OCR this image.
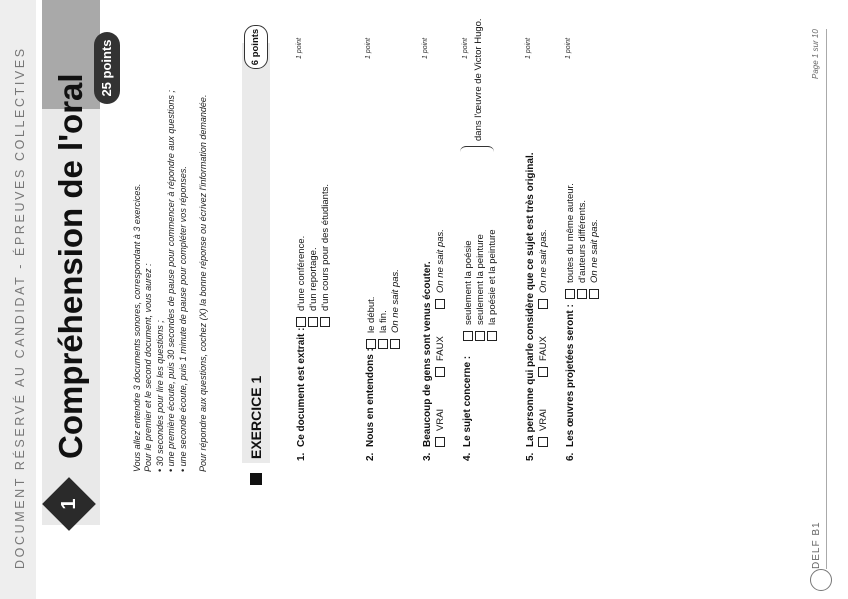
DOCUMENT RÉSERVÉ AU CANDIDAT - ÉPREUVES COLLECTIVES	1
Compréhension de l'oral
25 points
Vous allez entendre 3 documents sonores, correspondant à 3 exercices. Pour le premier et le second document, vous aurez : • 30 secondes pour lire les questions ; • une première écoute, puis 30 secondes de pause pour commencer à répondre aux questions ; • une seconde écoute, puis 1 minute de pause pour compléter vos réponses. Pour répondre aux questions, cochez (X) la bonne réponse ou écrivez l'information demandée.	EXERCICE 1
6 points
1.
Ce document est extrait :
1 point
d'une conférence. d'un reportage. d'un cours pour des étudiants.
2.
Nous en entendons :
1 point
le début. la fin. On ne sait pas.
3.
Beaucoup de gens sont venus écouter.
1 point
VRAI
FAUX
On ne sait pas.
4.
Le sujet concerne :
1 point
seulement la poésie seulement la peinture la poésie et la peinture
dans l'œuvre de Victor Hugo.
5.
La personne qui parle considère que ce sujet est très original.
1 point
VRAI
FAUX
On ne sait pas.
6.
Les œuvres projetées seront :
1 point
toutes du même auteur. d'auteurs différents. On ne sait pas.
DELF B1
Page 1 sur 10
